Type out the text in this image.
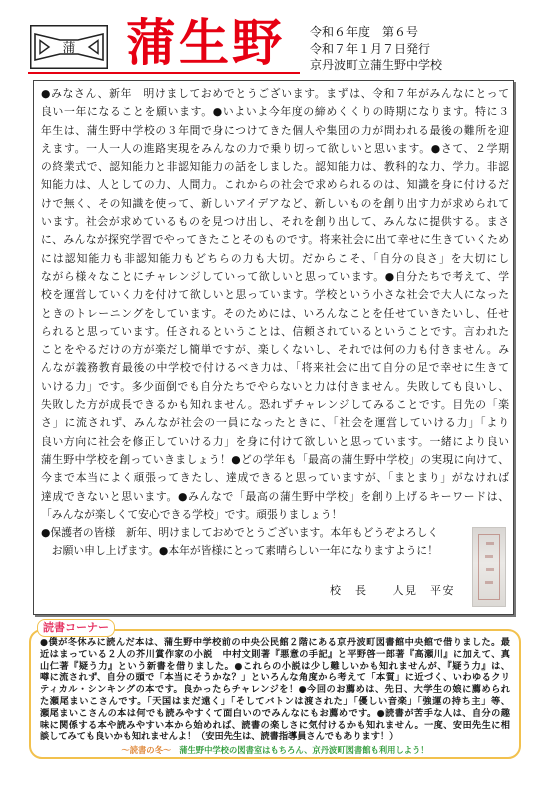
蒲 蒲生野 令和６年度　第６号
令和７年１月７日発行
京丹波町立蒲生野中学校
●みなさん、新年　明けましておめでとうございます。まずは、令和７年がみんなにとって
良い一年になることを願います。●いよいよ今年度の締めくくりの時期になります。特に３
年生は、蒲生野中学校の３年間で身につけてきた個人や集団の力が問われる最後の難所を迎
えます。一人一人の進路実現をみんなの力で乗り切って欲しいと思います。●さて、２学期
の終業式で、認知能力と非認知能力の話をしました。認知能力は、教科的な力、学力。非認
知能力は、人としての力、人間力。これからの社会で求められるのは、知識を身に付けるだ
けで無く、その知識を使って、新しいアイデアなど、新しいものを創り出す力が求められて
います。社会が求めているものを見つけ出し、それを創り出して、みんなに提供する。まさ
に、みんなが探究学習でやってきたことそのものです。将来社会に出て幸せに生きていくため
には認知能力も非認知能力もどちらの力も大切。だからこそ、「自分の良さ」を大切にし
ながら様々なことにチャレンジしていって欲しいと思っています。●自分たちで考えて、学
校を運営していく力を付けて欲しいと思っています。学校という小さな社会で大人になった
ときのトレーニングをしています。そのためには、いろんなことを任せていきたいし、任せ
られると思っています。任されるということは、信頼されているということです。言われた
ことをやるだけの方が楽だし簡単ですが、楽しくないし、それでは何の力も付きません。み
んなが義務教育最後の中学校で付けるべき力は、「将来社会に出て自分の足で幸せに生きて
いける力」です。多少面倒でも自分たちでやらないと力は付きません。失敗しても良いし、
失敗した方が成長できるかも知れません。恐れずチャレンジしてみることです。目先の「楽
さ」に流されず、みんなが社会の一員になったときに、「社会を運営していける力」「より
良い方向に社会を修正していける力」を身に付けて欲しいと思っています。一緒により良い
蒲生野中学校を創っていきましょう！●どの学年も「最高の蒲生野中学校」の実現に向けて、
今まで本当によく頑張ってきたし、達成できると思っていますが、「まとまり」がなければ
達成できないと思います。●みんなで「最高の蒲生野中学校」を創り上げるキーワードは、
「みんなが楽しくて安心できる学校」です。頑張りましょう！
●保護者の皆様　新年、明けましておめでとうございます。本年もどうぞよろしく
　お願い申し上げます。●本年が皆様にとって素晴らしい一年になりますように！
校　長　　人見　平安
読書コーナー
●僕が冬休みに読んだ本は、蒲生野中学校前の中央公民館２階にある京丹波町図書館中央館で借りました。最
近はまっている２人の芥川賞作家の小説　中村文則著『悪意の手記』と平野啓一郎著『高瀬川』に加えて、真
山仁著『疑う力』という新書を借りました。●これらの小説は少し難しいかも知れませんが、『疑う力』は、
噂に流されず、自分の頭で「本当にそうかな？」といろんな角度から考えて「本質」に近づく、いわゆるクリ
ティカル・シンキングの本です。良かったらチャレンジを！●今回のお薦めは、先日、大学生の娘に薦められ
た瀬尾まいこさんです。「天国はまだ遠く」「そしてバトンは渡された」「優しい音楽」「強運の持ち主」等、
瀬尾まいこさんの本は何でも読みやすくて面白いのでみんなにもお薦めです。●読書が苦手な人は、自分の趣
味に関係する本や読みやすい本から始めれば、読書の楽しさに気付けるかも知れません。一度、安田先生に相
談してみても良いかも知れませんよ！（安田先生は、読書指導員さんでもあります！）
～読書の冬～ 蒲生野中学校の図書室はもちろん、京丹波町図書館も利用しよう！
